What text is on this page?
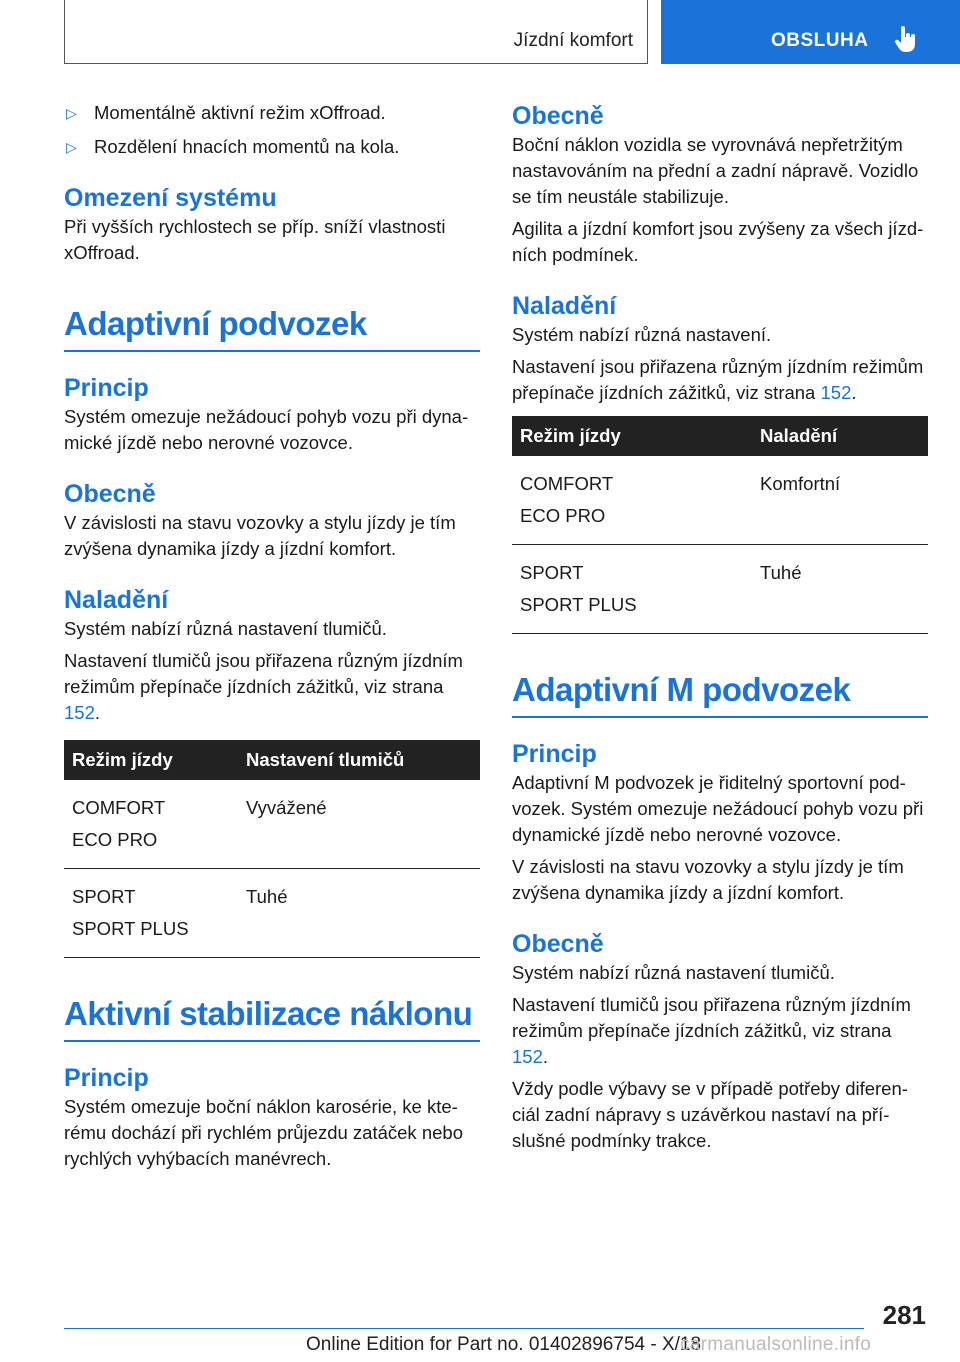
Jízdní komfort	OBSLUHA
▷ Momentálně aktivní režim xOffroad.
▷ Rozdělení hnacích momentů na kola.
Omezení systému

Při vyšších rychlostech se příp. sníží vlastnosti xOffroad.

Adaptivní podvozek
Princip

Systém omezuje nežádoucí pohyb vozu při dyna- mické jízdě nebo nerovné vozovce.

Obecně

V závislosti na stavu vozovky a stylu jízdy je tím zvýšena dynamika jízdy a jízdní komfort.

Naladění

Systém nabízí různá nastavení tlumičů.

Nastavení tlumičů jsou přiřazena různým jízdním režimům přepínače jízdních zážitků, viz strana 152.

Režim jízdy	Nastavení tlumičů

COMFORT
ECO PRO	Vyvážené

SPORT
SPORT PLUS	Tuhé
Aktivní stabilizace náklonu
Princip

Systém omezuje boční náklon karosérie, ke kte- rému dochází při rychlém průjezdu zatáček nebo rychlých vyhýbacích manévrech.

Obecně

Boční náklon vozidla se vyrovnává nepřetržitým nastavováním na přední a zadní nápravě. Vozidlo se tím neustále stabilizuje.

Agilita a jízdní komfort jsou zvýšeny za všech jízd- ních podmínek.

Naladění

Systém nabízí různá nastavení.

Nastavení jsou přiřazena různým jízdním režimům přepínače jízdních zážitků, viz strana 152.

Režim jízdy	Naladění

COMFORT
ECO PRO	Komfortní

SPORT
SPORT PLUS	Tuhé
Adaptivní M podvozek
Princip

Adaptivní M podvozek je řiditelný sportovní pod- vozek. Systém omezuje nežádoucí pohyb vozu při dynamické jízdě nebo nerovné vozovce.

V závislosti na stavu vozovky a stylu jízdy je tím zvýšena dynamika jízdy a jízdní komfort.

Obecně

Systém nabízí různá nastavení tlumičů.

Nastavení tlumičů jsou přiřazena různým jízdním režimům přepínače jízdních zážitků, viz strana 152.

Vždy podle výbavy se v případě potřeby diferen- ciál zadní nápravy s uzávěrkou nastaví na pří- slušné podmínky trakce.

281
Online Edition for Part no. 01402896754 - X/18
carmanualsonline.info
